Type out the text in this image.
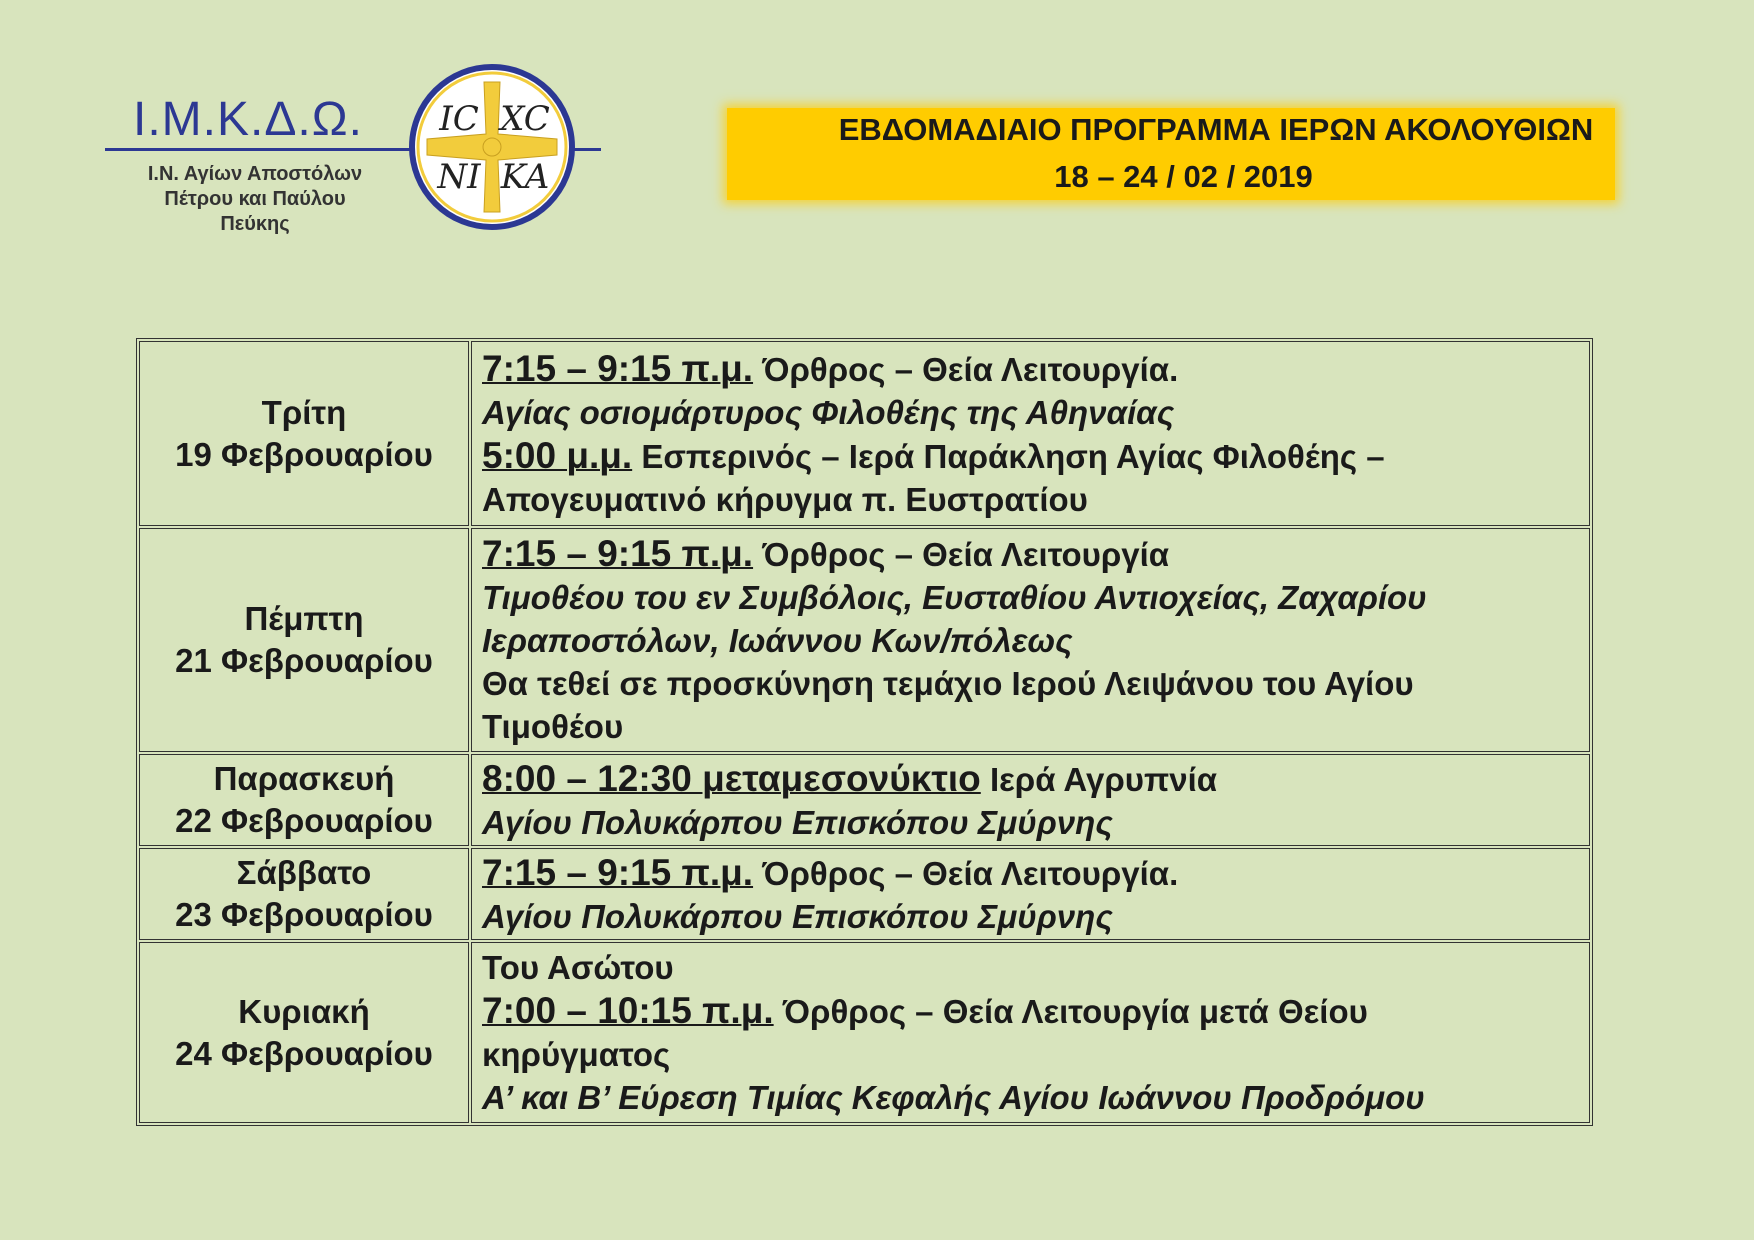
Ι.Μ.Κ.Δ.Ω.
Ι.Ν. Αγίων Αποστόλων
Πέτρου και Παύλου
Πεύκης
IC XC
NI KA
ΕΒΔΟΜΑΔΙΑΙΟ ΠΡΟΓΡΑΜΜΑ ΙΕΡΩΝ ΑΚΟΛΟΥΘΙΩΝ
18 – 24 / 02 / 2019
Τρίτη
19 Φεβρουαρίου	7:15 – 9:15 π.μ. Όρθρος – Θεία Λειτουργία.
Αγίας οσιομάρτυρος Φιλοθέης της Αθηναίας
5:00 μ.μ. Εσπερινός – Ιερά Παράκληση Αγίας Φιλοθέης –
Απογευματινό κήρυγμα π. Ευστρατίου

Πέμπτη
21 Φεβρουαρίου	7:15 – 9:15 π.μ. Όρθρος – Θεία Λειτουργία
Τιμοθέου του εν Συμβόλοις, Ευσταθίου Αντιοχείας, Ζαχαρίου
Ιεραποστόλων, Ιωάννου Κων/πόλεως
Θα τεθεί σε προσκύνηση τεμάχιο Ιερού Λειψάνου του Αγίου
Τιμοθέου

Παρασκευή
22 Φεβρουαρίου	8:00 – 12:30 μεταμεσονύκτιο Ιερά Αγρυπνία
Αγίου Πολυκάρπου Επισκόπου Σμύρνης

Σάββατο
23 Φεβρουαρίου	7:15 – 9:15 π.μ. Όρθρος – Θεία Λειτουργία.
Αγίου Πολυκάρπου Επισκόπου Σμύρνης

Κυριακή
24 Φεβρουαρίου	Του Ασώτου
7:00 – 10:15 π.μ. Όρθρος – Θεία Λειτουργία μετά Θείου
κηρύγματος
Α’ και Β’ Εύρεση Τιμίας Κεφαλής Αγίου Ιωάννου Προδρόμου
